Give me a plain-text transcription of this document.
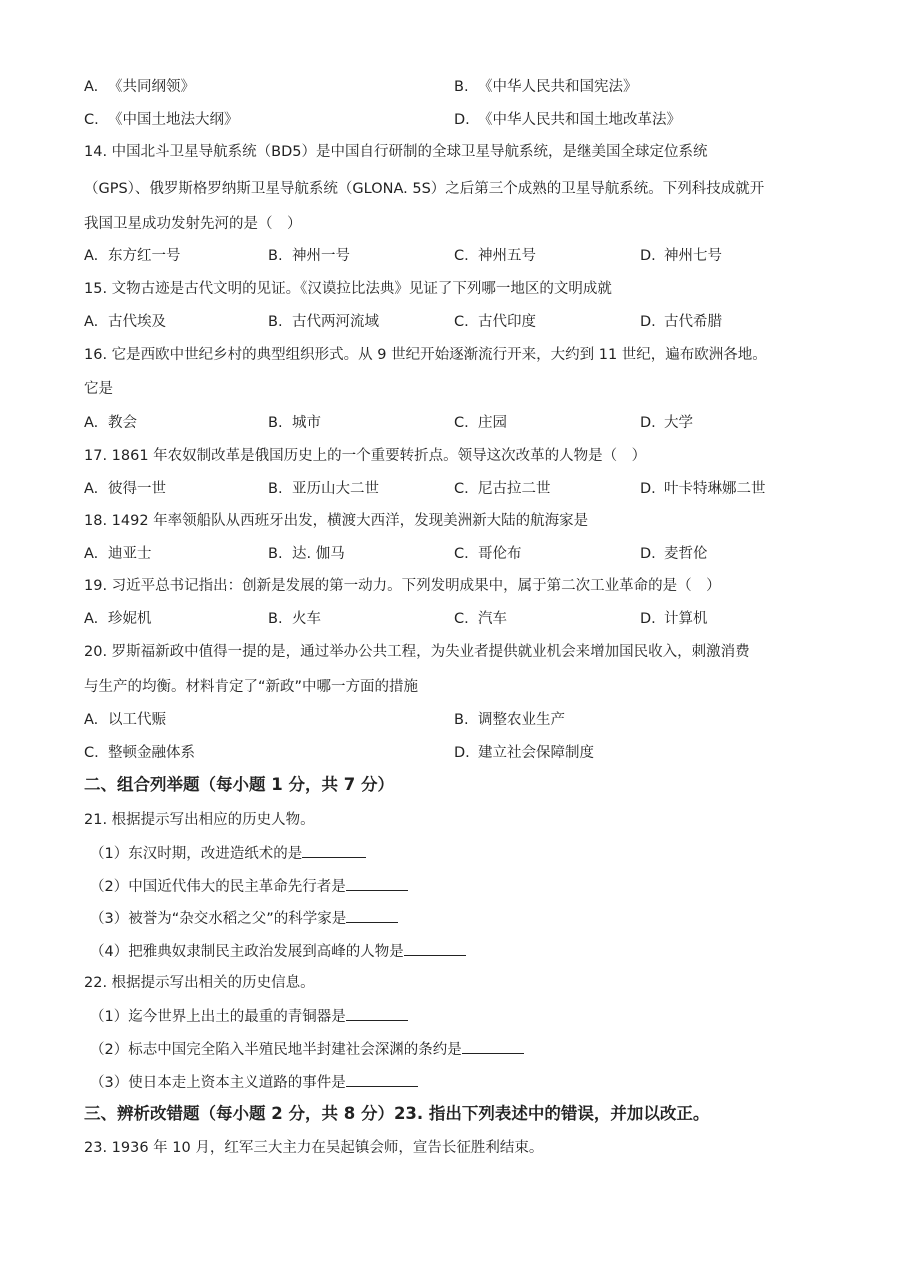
A. 《共同纲领》	B. 《中华人民共和国宪法》
C. 《中国土地法大纲》	D. 《中华人民共和国土地改革法》
14. 中国北斗卫星导航系统（BD5）是中国自行研制的全球卫星导航系统，是继美国全球定位系统
（GPS）、俄罗斯格罗纳斯卫星导航系统（GLONA. 5S）之后第三个成熟的卫星导航系统。下列科技成就开
我国卫星成功发射先河的是（　）
A. 东方红一号	B. 神州一号	C. 神州五号	D. 神州七号
15. 文物古迹是古代文明的见证。《汉谟拉比法典》见证了下列哪一地区的文明成就
A. 古代埃及	B. 古代两河流域	C. 古代印度	D. 古代希腊
16. 它是西欧中世纪乡村的典型组织形式。从 9 世纪开始逐渐流行开来，大约到 11 世纪，遍布欧洲各地。
它是
A. 教会	B. 城市	C. 庄园	D. 大学
17. 1861 年农奴制改革是俄国历史上的一个重要转折点。领导这次改革的人物是（　）
A. 彼得一世	B. 亚历山大二世	C. 尼古拉二世	D. 叶卡特琳娜二世
18. 1492 年率领船队从西班牙出发，横渡大西洋，发现美洲新大陆的航海家是
A. 迪亚士	B. 达. 伽马	C. 哥伦布	D. 麦哲伦
19. 习近平总书记指出：创新是发展的第一动力。下列发明成果中，属于第二次工业革命的是（　）
A. 珍妮机	B. 火车	C. 汽车	D. 计算机
20. 罗斯福新政中值得一提的是，通过举办公共工程，为失业者提供就业机会来增加国民收入，刺激消费
与生产的均衡。材料肯定了“新政”中哪一方面的措施
A. 以工代赈	B. 调整农业生产
C. 整顿金融体系	D. 建立社会保障制度
二、组合列举题（每小题 1 分，共 7 分）
21. 根据提示写出相应的历史人物。
（1）东汉时期，改进造纸术的是
（2）中国近代伟大的民主革命先行者是
（3）被誉为“杂交水稻之父”的科学家是
（4）把雅典奴隶制民主政治发展到高峰的人物是
22. 根据提示写出相关的历史信息。
（1）迄今世界上出土的最重的青铜器是
（2）标志中国完全陷入半殖民地半封建社会深渊的条约是
（3）使日本走上资本主义道路的事件是
三、辨析改错题（每小题 2 分，共 8 分）23. 指出下列表述中的错误，并加以改正。
23. 1936 年 10 月，红军三大主力在吴起镇会师，宣告长征胜利结束。
